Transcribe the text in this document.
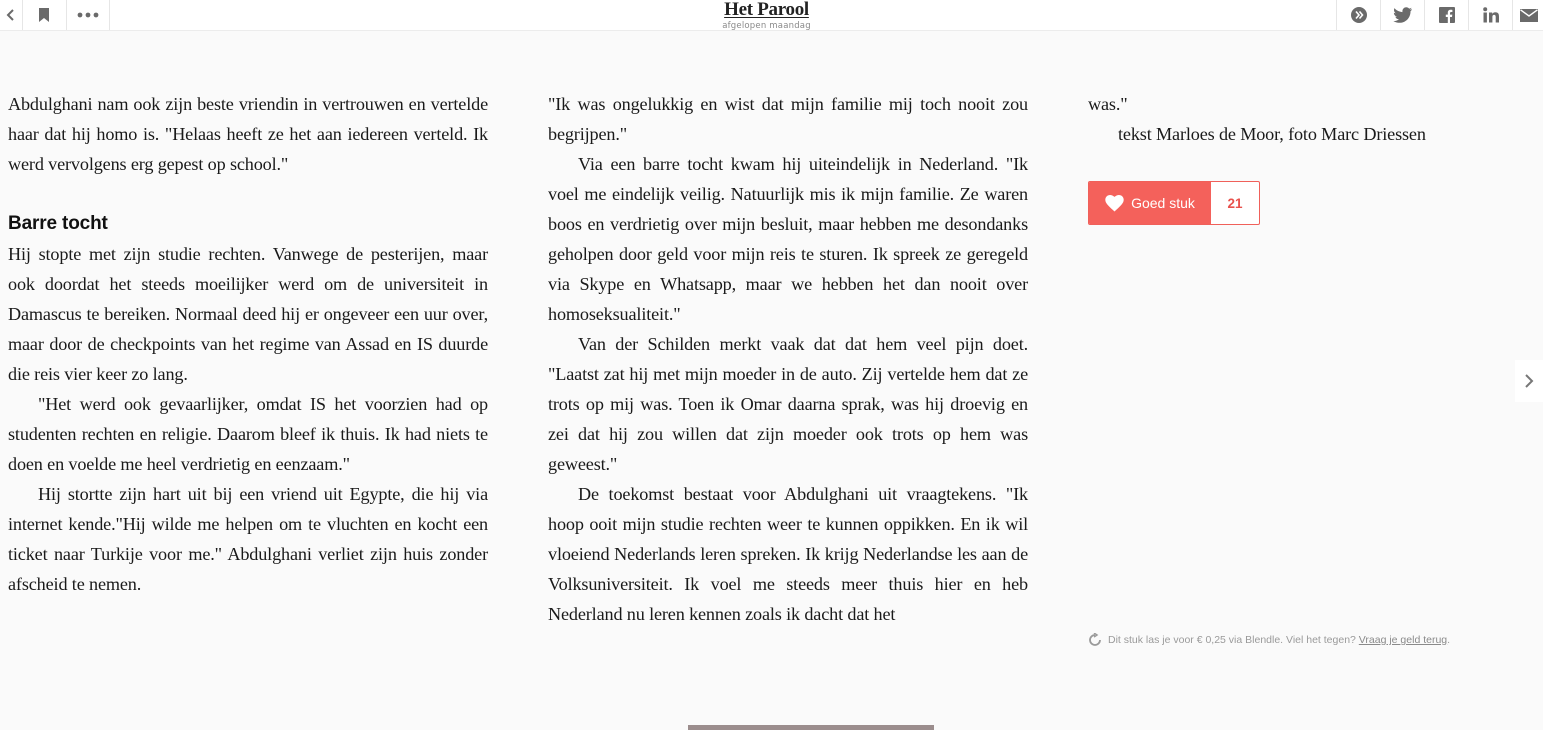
Het Parool
afgelopen maandag

Abdulghani nam ook zijn beste vriendin in vertrouwen en vertelde haar dat hij homo is. "Helaas heeft ze het aan iedereen verteld. Ik werd vervolgens erg gepest op school."

Barre tocht

Hij stopte met zijn studie rechten. Vanwege de pesterijen, maar ook doordat het steeds moeilijker werd om de universiteit in Damascus te bereiken. Normaal deed hij er ongeveer een uur over, maar door de checkpoints van het regime van Assad en IS duurde die reis vier keer zo lang.

"Het werd ook gevaarlijker, omdat IS het voorzien had op studenten rechten en religie. Daarom bleef ik thuis. Ik had niets te doen en voelde me heel verdrietig en eenzaam."

Hij stortte zijn hart uit bij een vriend uit Egypte, die hij via internet kende."Hij wilde me helpen om te vluchten en kocht een ticket naar Turkije voor me." Abdulghani verliet zijn huis zonder afscheid te nemen.

"Ik was ongelukkig en wist dat mijn familie mij toch nooit zou begrijpen."

Via een barre tocht kwam hij uiteindelijk in Nederland. "Ik voel me eindelijk veilig. Natuurlijk mis ik mijn familie. Ze waren boos en verdrietig over mijn besluit, maar hebben me desondanks geholpen door geld voor mijn reis te sturen. Ik spreek ze geregeld via Skype en Whatsapp, maar we hebben het dan nooit over homoseksualiteit."

Van der Schilden merkt vaak dat dat hem veel pijn doet. "Laatst zat hij met mijn moeder in de auto. Zij vertelde hem dat ze trots op mij was. Toen ik Omar daarna sprak, was hij droevig en zei dat hij zou willen dat zijn moeder ook trots op hem was geweest."

De toekomst bestaat voor Abdulghani uit vraagtekens. "Ik hoop ooit mijn studie rechten weer te kunnen oppikken. En ik wil vloeiend Nederlands leren spreken. Ik krijg Nederlandse les aan de Volksuniversiteit. Ik voel me steeds meer thuis hier en heb Nederland nu leren kennen zoals ik dacht dat het

was."

tekst Marloes de Moor, foto Marc Driessen

Goed stuk	21
Dit stuk las je voor € 0,25 via Blendle. Viel het tegen? Vraag je geld terug.
